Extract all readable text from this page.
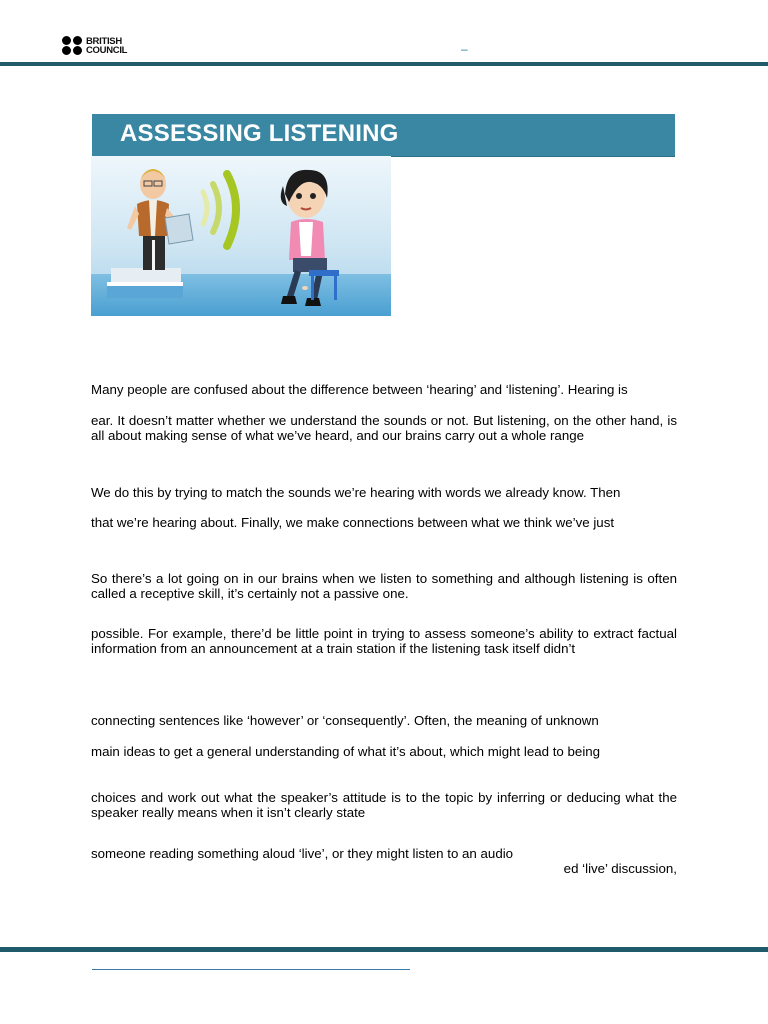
BRITISH
COUNCIL	–
ASSESSING LISTENING

Many people are confused about the difference between ‘hearing’ and ‘listening’. Hearing is

ear. It doesn’t matter whether we understand the sounds or not. But listening, on the other hand, is all about making sense of what we’ve heard, and our brains carry out a whole range

We do this by trying to match the sounds we’re hearing with words we already know. Then

that we’re hearing about. Finally, we make connections between what we think we’ve just

So there’s a lot going on in our brains when we listen to something and although listening is often called a receptive skill, it’s certainly not a passive one.

possible. For example, there’d be little point in trying to assess someone’s ability to extract factual information from an announcement at a train station if the listening task itself didn’t

connecting sentences like ‘however’ or ‘consequently’. Often, the meaning of unknown

main ideas to get a general understanding of what it’s about, which might lead to being

choices and work out what the speaker’s attitude is to the topic by inferring or deducing what the speaker really means when it isn’t clearly state

someone reading something aloud ‘live’, or they might listen to an audio

ed ‘live’ discussion,
